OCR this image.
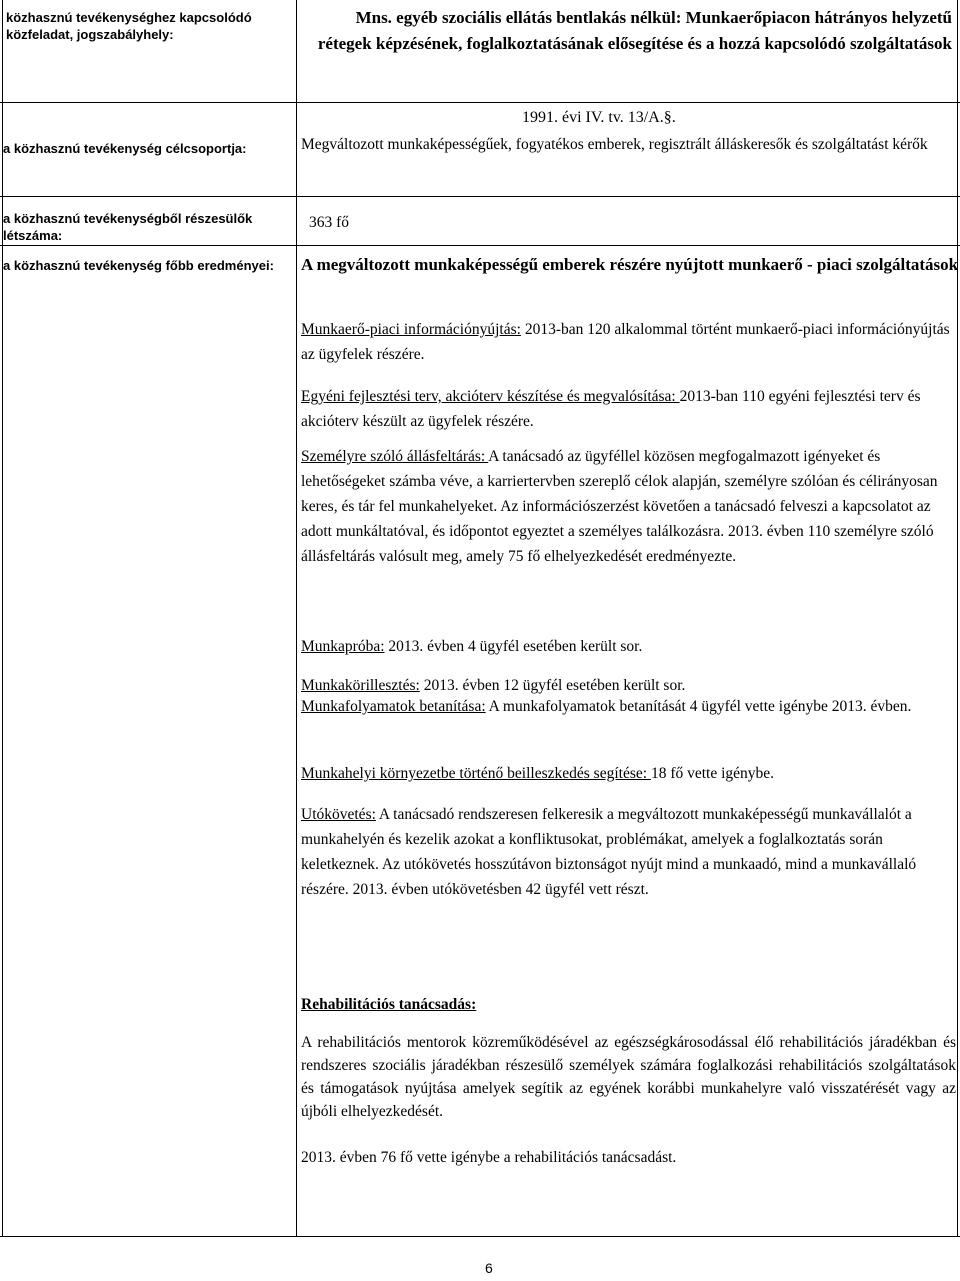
közhasznú tevékenységhez kapcsolódó közfeladat, jogszabályhely:
Mns. egyéb szociális ellátás bentlakás nélkül: Munkaerőpiacon hátrányos helyzetű rétegek képzésének, foglalkoztatásának elősegítése és a hozzá kapcsolódó szolgáltatások
1991. évi IV. tv. 13/A.§.
a közhasznú tevékenység célcsoportja:	Megváltozott munkaképességűek, fogyatékos emberek, regisztrált álláskeresők és szolgáltatást kérők
a közhasznú tevékenységből részesülők létszáma:
363 fő
a közhasznú tevékenység főbb eredményei: A megváltozott munkaképességű emberek részére nyújtott munkaerő - piaci szolgáltatások
Munkaerő-piaci információnyújtás: 2013-ban 120 alkalommal történt munkaerő-piaci információnyújtás az ügyfelek részére.
Egyéni fejlesztési terv, akcióterv készítése és megvalósítása: 2013-ban 110 egyéni fejlesztési terv és akcióterv készült az ügyfelek részére.
Személyre szóló állásfeltárás: A tanácsadó az ügyféllel közösen megfogalmazott igényeket és lehetőségeket számba véve, a karriertervben szereplő célok alapján, személyre szólóan és célirányosan keres, és tár fel munkahelyeket. Az információszerzést követően a tanácsadó felveszi a kapcsolatot az adott munkáltatóval, és időpontot egyeztet a személyes találkozásra. 2013. évben 110 személyre szóló állásfeltárás valósult meg, amely 75 fő elhelyezkedését eredményezte.
Munkapróba: 2013. évben 4 ügyfél esetében került sor.
Munkakörillesztés: 2013. évben 12 ügyfél esetében került sor.
Munkafolyamatok betanítása: A munkafolyamatok betanítását 4 ügyfél vette igénybe 2013. évben.
Munkahelyi környezetbe történő beilleszkedés segítése: 18 fő vette igénybe.
Utókövetés: A tanácsadó rendszeresen felkeresik a megváltozott munkaképességű munkavállalót a munkahelyén és kezelik azokat a konfliktusokat, problémákat, amelyek a foglalkoztatás során keletkeznek. Az utókövetés hosszútávon biztonságot nyújt mind a munkaadó, mind a munkavállaló részére. 2013. évben utókövetésben 42 ügyfél vett részt.
Rehabilitációs tanácsadás:
A rehabilitációs mentorok közreműködésével az egészségkárosodással élő rehabilitációs járadékban és rendszeres szociális járadékban részesülő személyek számára foglalkozási rehabilitációs szolgáltatások és támogatások nyújtása amelyek segítik az egyének korábbi munkahelyre való visszatérését vagy az újbóli elhelyezkedését.
2013. évben 76 fő vette igénybe a rehabilitációs tanácsadást.
6
